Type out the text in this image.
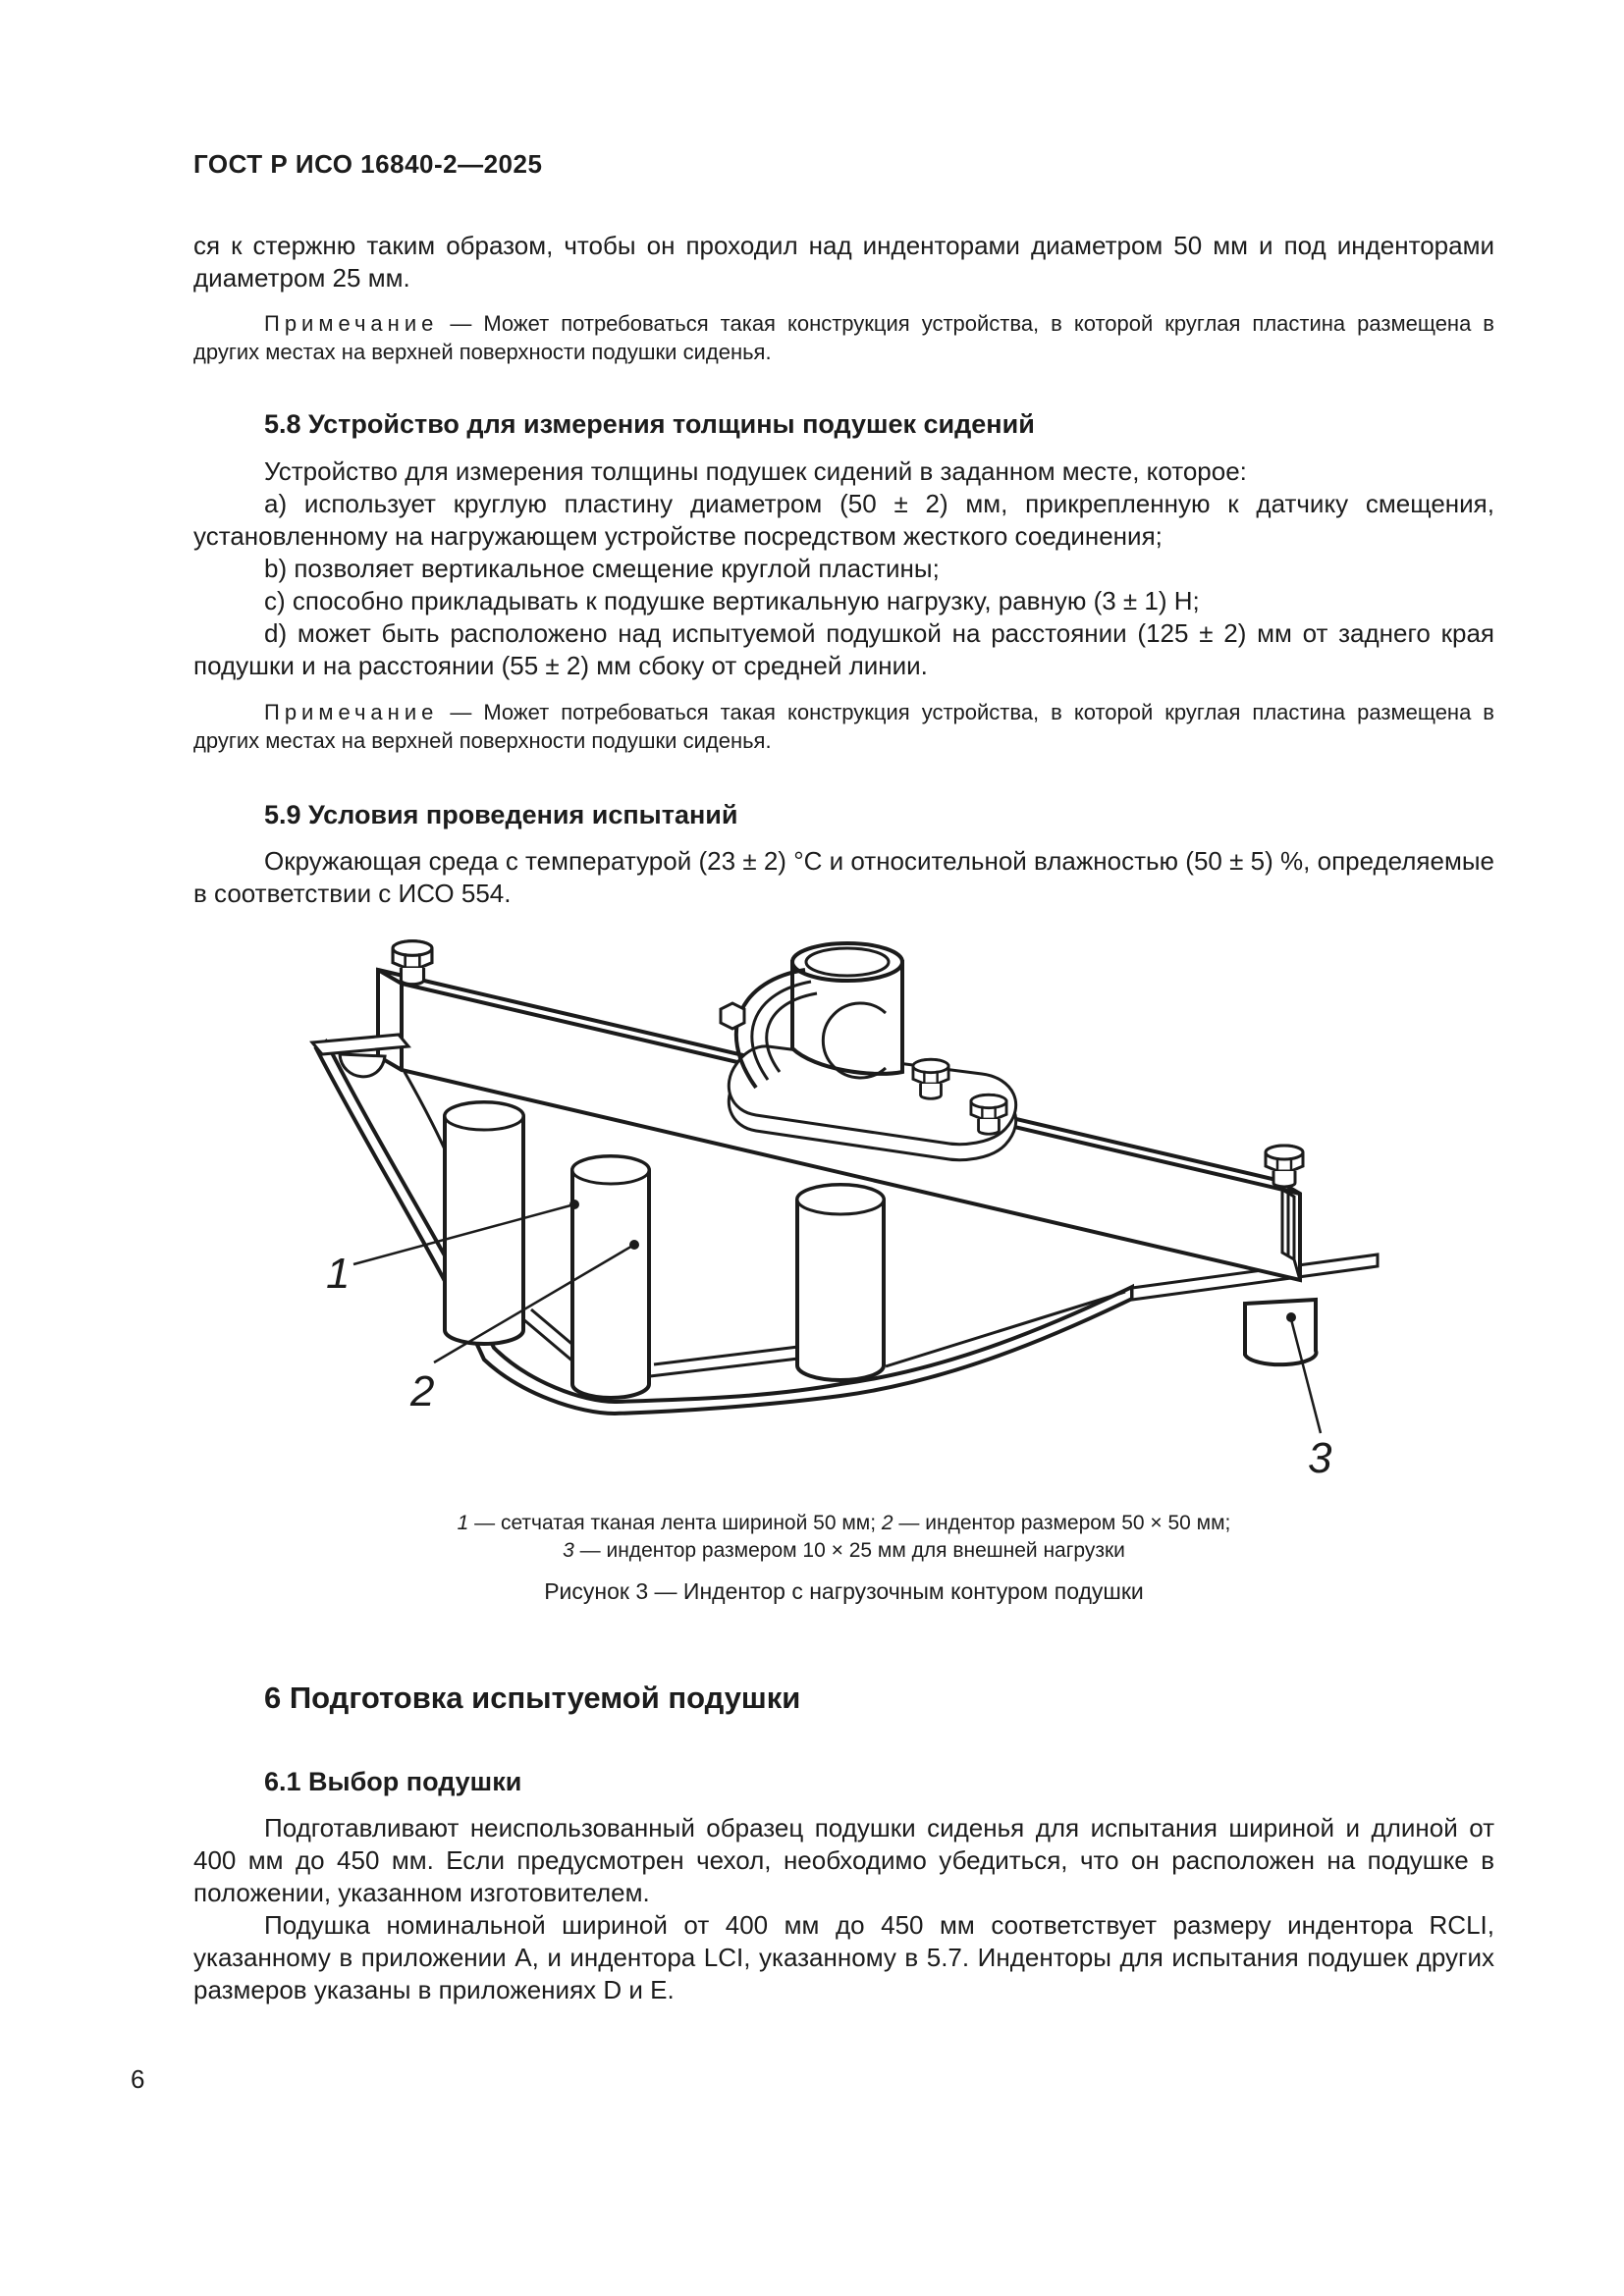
ГОСТ Р ИСО 16840-2—2025

ся к стержню таким образом, чтобы он проходил над инденторами диаметром 50 мм и под инденторами диаметром 25 мм.

Примечание — Может потребоваться такая конструкция устройства, в которой круглая пластина размещена в других местах на верхней поверхности подушки сиденья.
5.8 Устройство для измерения толщины подушек сидений

Устройство для измерения толщины подушек сидений в заданном месте, которое:

a) использует круглую пластину диаметром (50 ± 2) мм, прикрепленную к датчику смещения, установленному на нагружающем устройстве посредством жесткого соединения;

b) позволяет вертикальное смещение круглой пластины;

c) способно прикладывать к подушке вертикальную нагрузку, равную (3 ± 1) Н;

d) может быть расположено над испытуемой подушкой на расстоянии (125 ± 2) мм от заднего края подушки и на расстоянии (55 ± 2) мм сбоку от средней линии.

Примечание — Может потребоваться такая конструкция устройства, в которой круглая пластина размещена в других местах на верхней поверхности подушки сиденья.
5.9 Условия проведения испытаний

Окружающая среда с температурой (23 ± 2) °C и относительной влажностью (50 ± 5) %, определяемые в соответствии с ИСО 554.

1
2
3
1 — сетчатая тканая лента шириной 50 мм; 2 — индентор размером 50 × 50 мм;
3 — индентор размером 10 × 25 мм для внешней нагрузки
Рисунок 3 — Индентор с нагрузочным контуром подушки
6 Подготовка испытуемой подушки
6.1 Выбор подушки

Подготавливают неиспользованный образец подушки сиденья для испытания шириной и длиной от 400 мм до 450 мм. Если предусмотрен чехол, необходимо убедиться, что он расположен на подушке в положении, указанном изготовителем.

Подушка номинальной шириной от 400 мм до 450 мм соответствует размеру индентора RCLI, указанному в приложении A, и индентора LCI, указанному в 5.7. Инденторы для испытания подушек других размеров указаны в приложениях D и E.

6
